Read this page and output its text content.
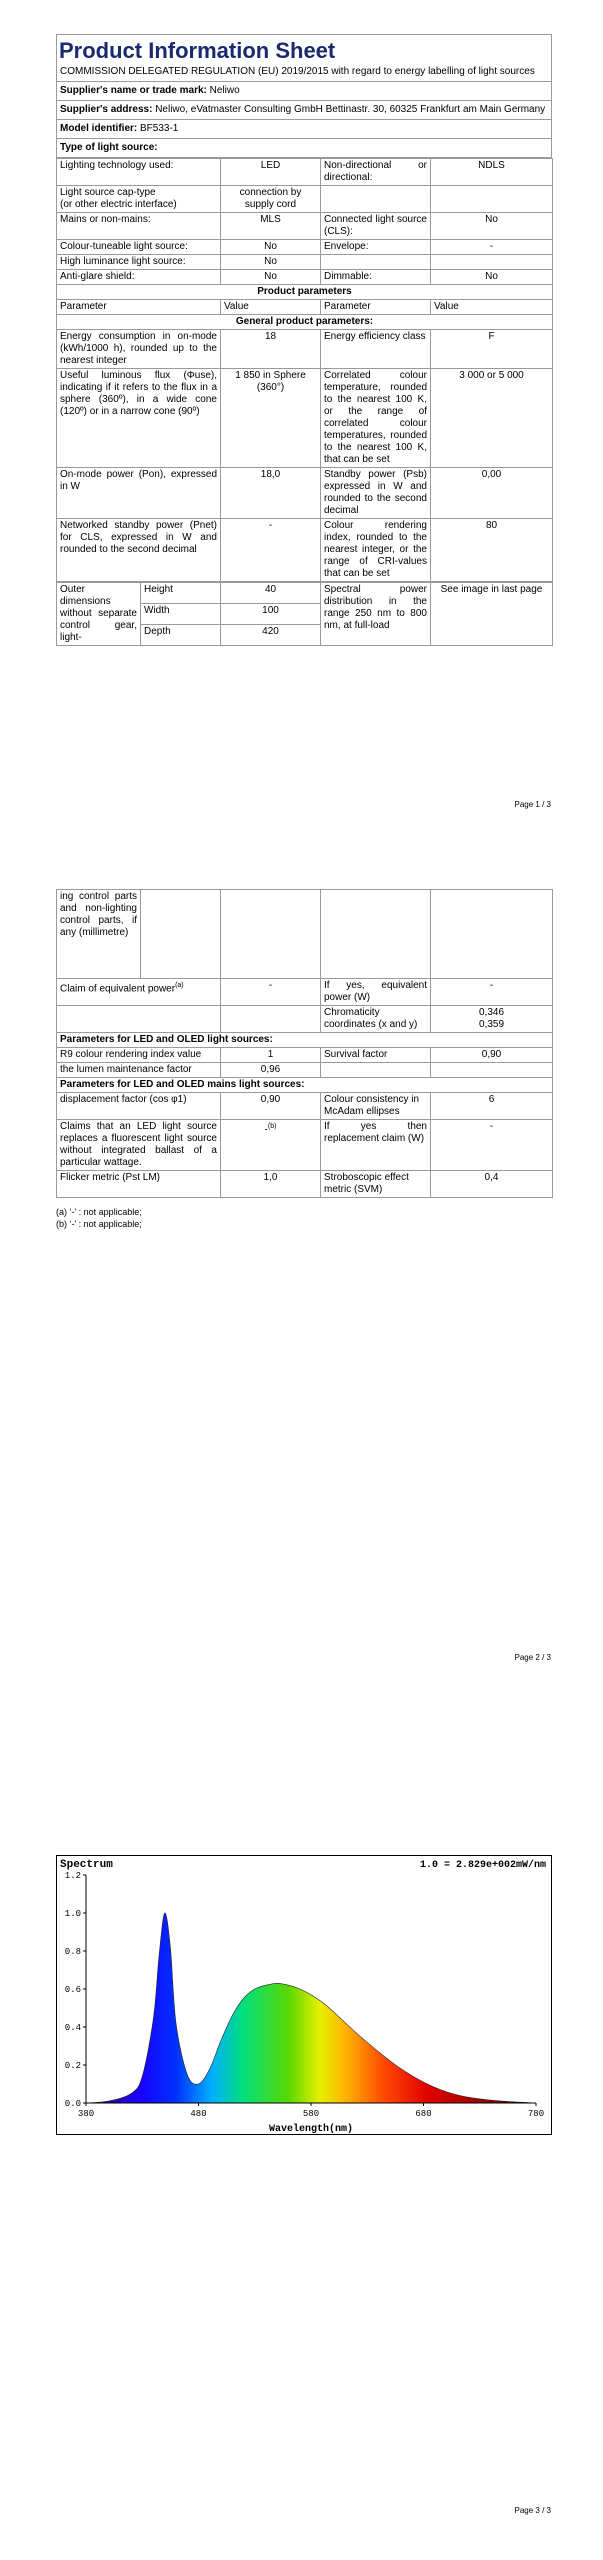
Product Information Sheet
COMMISSION DELEGATED REGULATION (EU) 2019/2015 with regard to energy labelling of light sources
Supplier's name or trade mark: Neliwo
Supplier's address: Neliwo, eVatmaster Consulting GmbH Bettinastr. 30, 60325 Frankfurt am Main Germany
Model identifier: BF533-1
Type of light source:
Lighting technology used:	LED	Non-directional or directional:	NDLS
Light source cap-type
(or other electric interface)	connection by supply cord		
Mains or non-mains:	MLS	Connected light source (CLS):	No
Colour-tuneable light source:	No	Envelope:	-
High luminance light source:	No		
Anti-glare shield:	No	Dimmable:	No
Product parameters			
Parameter	Value	Parameter	Value
General product parameters:			
Energy consumption in on-mode (kWh/1000 h), rounded up to the nearest integer	18	Energy efficiency class	F
Useful luminous flux (Φuse), indicating if it refers to the flux in a sphere (360º), in a wide cone (120º) or in a narrow cone (90º)	1 850 in Sphere (360°)	Correlated colour temperature, rounded to the nearest 100 K, or the range of correlated colour temperatures, rounded to the nearest 100 K, that can be set	3 000 or 5 000
On-mode power (Pon), expressed in W	18,0	Standby power (Psb) expressed in W and rounded to the second decimal	0,00
Networked standby power (Pnet) for CLS, expressed in W and rounded to the second decimal	-	Colour rendering index, rounded to the nearest integer, or the range of CRI-values that can be set	80
Outer dimensions without separate control gear, light-	Height	40	Spectral power distribution in the range 250 nm to 800 nm, at full-load	See image in last page
	Width	100		
	Depth	420		
Page 1 / 3
ing control parts and non-lighting control parts, if any (millimetre)				
Claim of equivalent power$^{(a)}$		-	If yes, equivalent power (W)	-
			Chromaticity coordinates (x and y)	0,346
0,359

Parameters for LED and OLED light sources:				
R9 colour rendering index value		1	Survival factor	0,90
the lumen maintenance factor		0,96		
Parameters for LED and OLED mains light sources:				
displacement factor (cos φ1)		0,90	Colour consistency in McAdam ellipses	6
Claims that an LED light source replaces a fluorescent light source without integrated ballast of a particular wattage.		-$^{(b)}$	If yes then replacement claim (W)	-
Flicker metric (Pst LM)		1,0	Stroboscopic effect metric (SVM)	0,4
(a) ‘-’ : not applicable;
(b) ‘-’ : not applicable;
Page 2 / 3
Page 3 / 3
Spectrum	1.0 = 2.829e+002mW/nm
0.0
0.2
0.4
0.6
0.8
1.0
1.2
380	480	580	680	780
Wavelength(nm)
